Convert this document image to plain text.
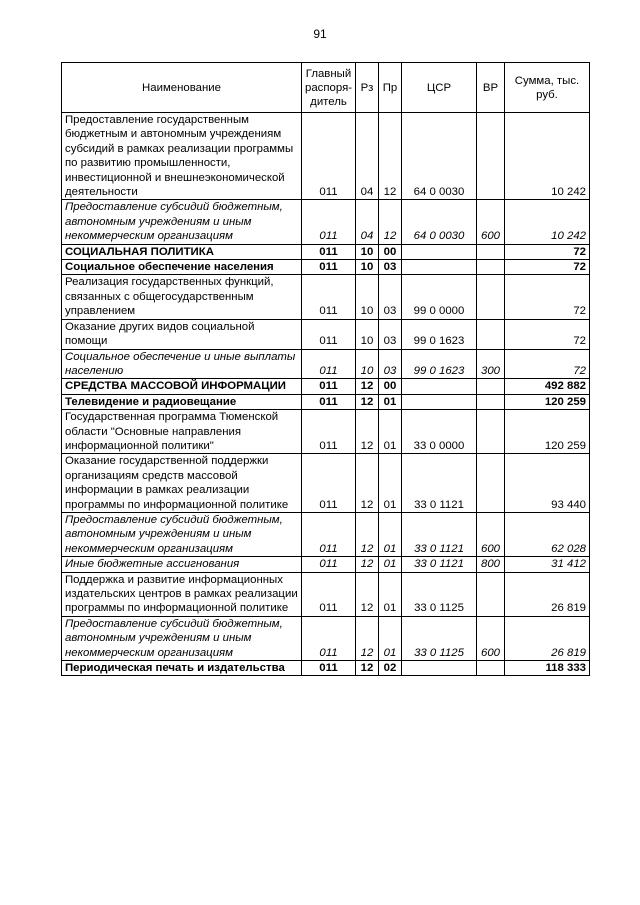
91
Наименование	Главный распоря-дитель	Рз	Пр	ЦСР	ВР	Сумма, тыс. руб.
Предоставление государственным бюджетным и автономным учреждениям субсидий в рамках реализации программы по развитию промышленности, инвестиционной и внешнеэкономической деятельности	011	04	12	64 0 0030		10 242
Предоставление субсидий бюджетным, автономным учреждениям и иным некоммерческим организациям	011	04	12	64 0 0030	600	10 242
СОЦИАЛЬНАЯ ПОЛИТИКА	011	10	00			72
Социальное обеспечение населения	011	10	03			72
Реализация государственных функций, связанных с общегосударственным управлением	011	10	03	99 0 0000		72
Оказание других видов социальной помощи	011	10	03	99 0 1623		72
Социальное обеспечение и иные выплаты населению	011	10	03	99 0 1623	300	72
СРЕДСТВА МАССОВОЙ ИНФОРМАЦИИ	011	12	00			492 882
Телевидение и радиовещание	011	12	01			120 259
Государственная программа Тюменской области "Основные направления информационной политики"	011	12	01	33 0 0000		120 259
Оказание государственной поддержки организациям средств массовой информации в рамках реализации программы по информационной политике	011	12	01	33 0 1121		93 440
Предоставление субсидий бюджетным, автономным учреждениям и иным некоммерческим организациям	011	12	01	33 0 1121	600	62 028
Иные бюджетные ассигнования	011	12	01	33 0 1121	800	31 412
Поддержка и развитие информационных издательских центров в рамках реализации программы по информационной политике	011	12	01	33 0 1125		26 819
Предоставление субсидий бюджетным, автономным учреждениям и иным некоммерческим организациям	011	12	01	33 0 1125	600	26 819
Периодическая печать и издательства	011	12	02			118 333
